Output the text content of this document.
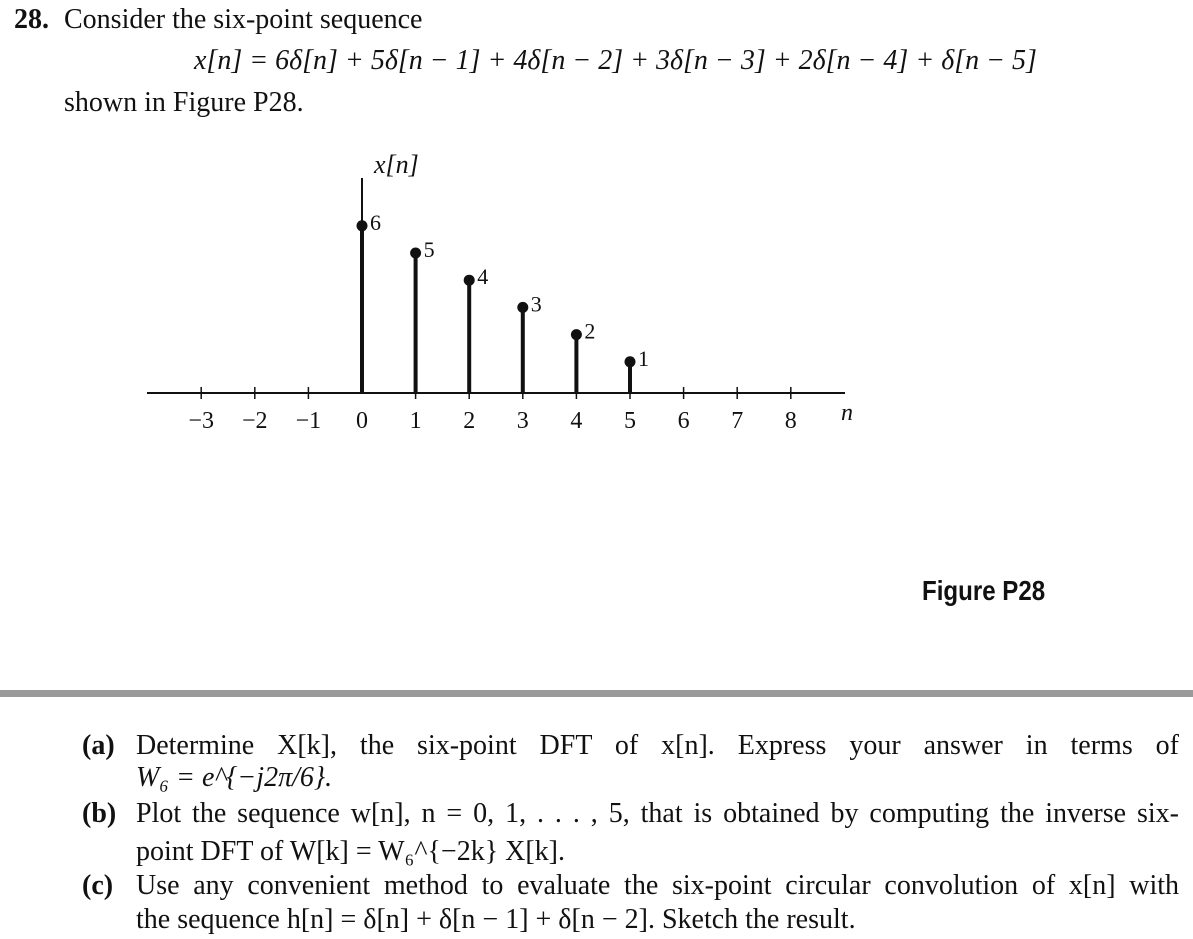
28. Consider the six-point sequence
x[n] = 6δ[n] + 5δ[n − 1] + 4δ[n − 2] + 3δ[n − 3] + 2δ[n − 4] + δ[n − 5]
shown in Figure P28.
x[n]
n
−3 −2 −1 0 1 2 3 4 5 6 7 8
6
5
4
3
2
1
Figure P28
(a) Determine X[k], the six-point DFT of x[n]. Express your answer in terms of
W₆ = e^{−j2π/6}.
(b) Plot the sequence w[n], n = 0, 1, . . . , 5, that is obtained by computing the inverse six-
point DFT of W[k] = W₆^{−2k} X[k].
(c) Use any convenient method to evaluate the six-point circular convolution of x[n] with
the sequence h[n] = δ[n] + δ[n − 1] + δ[n − 2]. Sketch the result.
